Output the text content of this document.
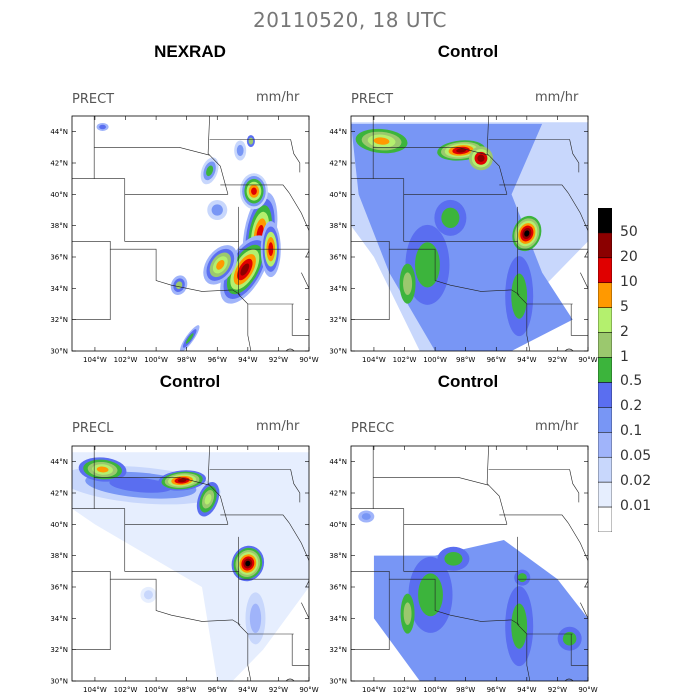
20110520, 18 UTC
NEXRAD	Control
Control	Control
PRECT	mm/hr	PRECT	mm/hr
PRECL	mm/hr	PRECC	mm/hr
44°N
42°N
40°N
38°N
36°N
34°N
32°N
30°N
104°W 102°W 100°W 98°W 96°W 94°W 92°W 90°W
44°N
42°N
40°N
38°N
36°N
34°N
32°N
30°N
104°W 102°W 100°W 98°W 96°W 94°W 92°W 90°W
44°N
42°N
40°N
38°N
36°N
34°N
32°N
30°N
104°W 102°W 100°W 98°W 96°W 94°W 92°W 90°W
44°N
42°N
40°N
38°N
36°N
34°N
32°N
30°N
104°W 102°W 100°W 98°W 96°W 94°W 92°W 90°W
50
20
10
5
2
1
0.5
0.2
0.1
0.05
0.02
0.01
